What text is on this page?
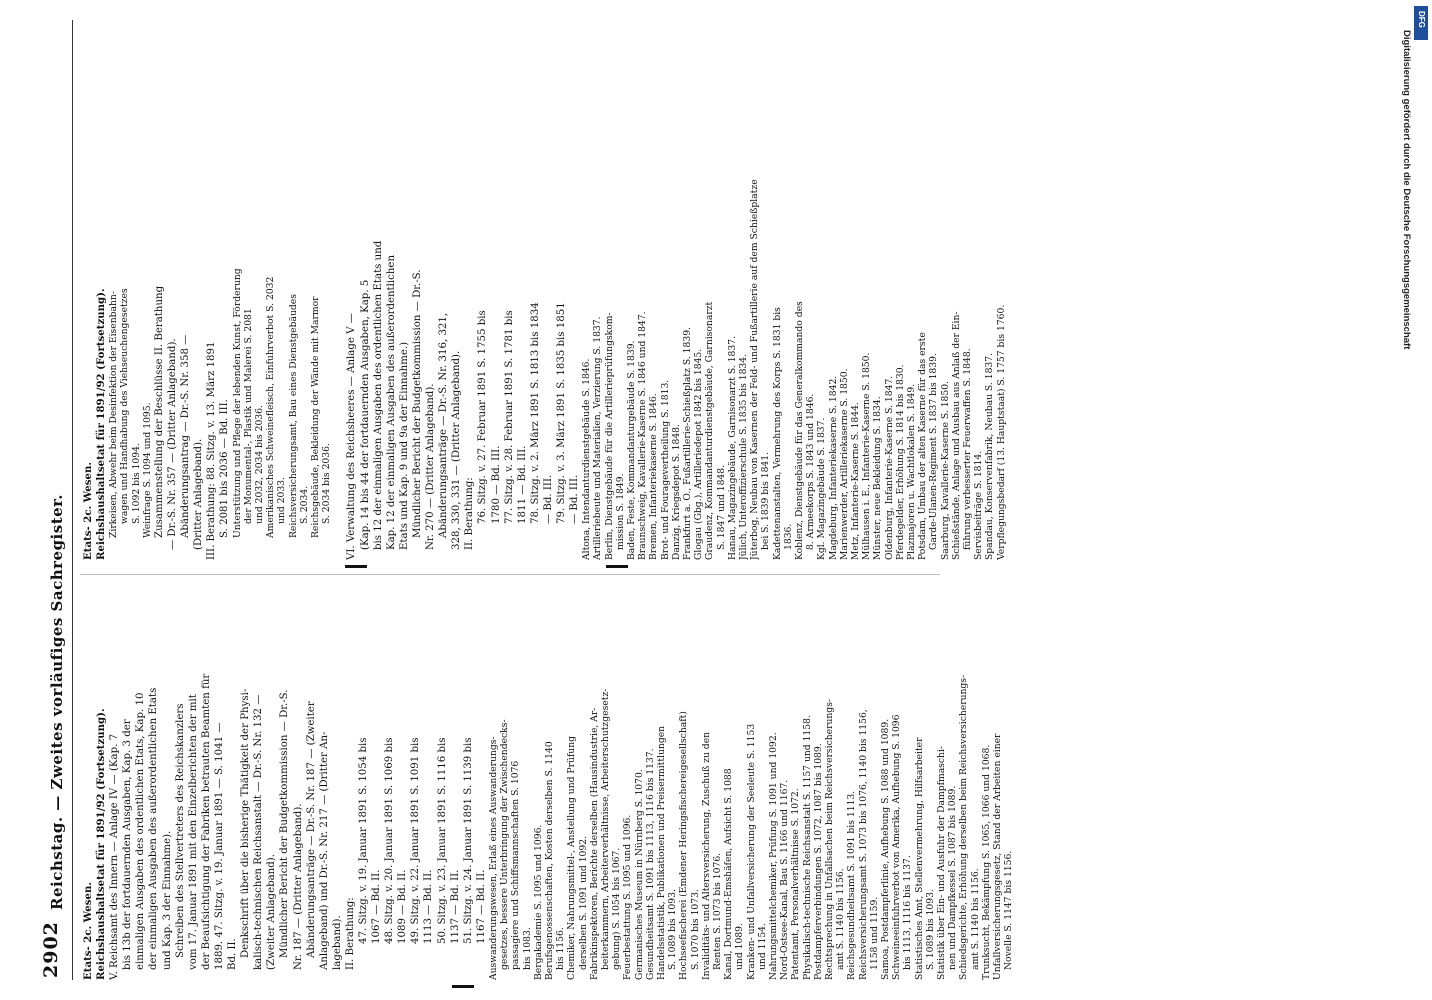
2902
Reichstag. — Zweites vorläufiges Sachregister.
Etats- 2c. Wesen. Reichshaushaltsetat für 1891/92 (Fortsetzung). V. Reichsamt des Innern — Anlage IV — (Kap. 7 bis 13b der fortdauernden Ausgaben, Kap. 3 der einmaligen Ausgaben des ordentlichen Etats, Kap. 10 der einmaligen Ausgaben des außerordentlichen Etats und Kap. 3 der Einnahme). Schreiben des Stellvertreters des Reichskanzlers vom 17. Januar 1891 mit den Einzelberichten der mit der Beaufsichtigung der Fabriken betrauten Beamten für 1889. 47. Sitzg. v. 19. Januar 1891 — S. 1041 — Bd. II. Denkschrift über die bisherige Thätigkeit der Physi- kalisch-technischen Reichsanstalt — Dr.-S. Nr. 132 — (Zweiter Anlageband). Mündlicher Bericht der Budgetkommission — Dr.-S. Nr. 187 — (Dritter Anlageband). Abänderungsanträge — Dr.-S. Nr. 187 — (Zweiter Anlageband) und Dr.-S. Nr. 217 — (Dritter An- lageband). II. Berathung: 47. Sitzg. v. 19. Januar 1891 S. 1054 bis 1067 — Bd. II. 48. Sitzg. v. 20. Januar 1891 S. 1069 bis 1089 — Bd. II. 49. Sitzg. v. 22. Januar 1891 S. 1091 bis 1113 — Bd. II. 50. Sitzg. v. 23. Januar 1891 S. 1116 bis 1137 — Bd. II. 51. Sitzg. v. 24. Januar 1891 S. 1139 bis 1167 — Bd. II. Auswanderungswesen, Erlaß eines Auswanderungs- gesetzes, bessere Unterbringung der Zwischendecks- passagiere und Schiffsmannschaften S. 1076 bis 1083. Bergakademie S. 1095 und 1096. Berufsgenossenschaften, Kosten derselben S. 1140 bis 1156. Chemiker, Nahrungsmittel-, Anstellung und Prüfung derselben S. 1091 und 1092. Fabrikinspektoren, Berichte derselben (Hausindustrie, Ar- beiterkammern, Arbeiterverhältnisse, Arbeiterschutzgesetz- gebung) S. 1054 bis 1067. Feuerbestattung S. 1095 und 1096. Germanisches Museum in Nürnberg S. 1070. Gesundheitsamt S. 1091 bis 1113, 1116 bis 1137. Handelsstatistik, Publikationen und Preisermittlungen S. 1089 bis 1093. Hochseefischerei (Emdener Heringsfischereigesellschaft) S. 1070 bis 1073. Invaliditäts- und Altersversicherung, Zuschuß zu den Renten S. 1073 bis 1076. Kanal, Dortmund-Emshäfen, Aufsicht S. 1088 und 1089. Kranken- und Unfallversicherung der Seeleute S. 1153 und 1154. Nahrungsmittelchemiker, Prüfung S. 1091 und 1092. Nord-Ostsee-Kanal, Bau S. 1166 und 1167. Patentamt, Personalverhältnisse S. 1072. Physikalisch-technische Reichsanstalt S. 1157 und 1158. Postdampferverbindungen S. 1072, 1087 bis 1089. Rechtsprechung in Unfallsachen beim Reichsversicherungs- amt S. 1140 bis 1156. Reichsgesundheitsamt S. 1091 bis 1113. Reichsversicherungsamt S. 1073 bis 1076, 1140 bis 1156, 1158 und 1159. Samoa, Postdampferlinie, Aufhebung S. 1088 und 1089. Schweineeinfuhrverbot von Amerika, Aufhebung S. 1096 bis 1113, 1116 bis 1137. Statistisches Amt, Stellenvermehrung, Hilfsarbeiter S. 1089 bis 1093. Statistik über Ein- und Ausfuhr der Dampfmaschi- nen und Dampfkessel S. 1087 bis 1089. Schiedsgerichte, Erhöhung derselben beim Reichsversicherungs- amt S. 1140 bis 1156. Trunksucht, Bekämpfung S. 1065, 1066 und 1068. Unfallversicherungsgesetz, Stand der Arbeiten einer Novelle S. 1147 bis 1156.
Etats- 2c. Wesen. Reichshaushaltsetat für 1891/92 (Fortsetzung). Zirkeisen, Abwehr beim Desinfektion der Eisenbahn- wagen und Handhabung des Viehseuchengesetzes S. 1092 bis 1094. Weinfrage S. 1094 und 1095. Zusammenstellung der Beschlüsse II. Berathung — Dr.-S. Nr. 357 — (Dritter Anlageband). Abänderungsantrag — Dr.-S. Nr. 358 — (Dritter Anlageband). III. Berathung: 88. Sitzg. v. 13. März 1891 S. 2081 bis 2036 — Bd. III. Unterstützung und Pflege der lebenden Kunst, Förderung der Monumental-, Plastik und Malerei S. 2081 und 2032, 2034 bis 2036. Amerikanisches Schweinefleisch, Einfuhrverbot S. 2032 und 2033. Reichsversicherungsamt, Bau eines Dienstgebäudes S. 2034. Reichsgebäude, Bekleidung der Wände mit Marmor S. 2034 bis 2036.
VI. Verwaltung des Reichsheeres — Anlage V — (Kap. 14 bis 44 der fortdauernden Ausgaben, Kap. 5 bis 12 der einmaligen Ausgaben des ordentlichen Etats und Kap. 12 der einmaligen Ausgaben des außerordentlichen Etats und Kap. 9 und 9a der Einnahme.) Mündlicher Bericht der Budgetkommission — Dr.-S. Nr. 270 — (Dritter Anlageband). Abänderungsanträge — Dr.-S. Nr. 316, 321, 328, 330, 331 — (Dritter Anlageband). II. Berathung: 76. Sitzg. v. 27. Februar 1891 S. 1755 bis 1780 — Bd. III. 77. Sitzg. v. 28. Februar 1891 S. 1781 bis 1811 — Bd. III. 78. Sitzg. v. 2. März 1891 S. 1813 bis 1834 — Bd. III. 79. Sitzg. v. 3. März 1891 S. 1835 bis 1851 — Bd. III. Altona, Intendanturdienstgebäude S. 1846. Artilleriebeute und Materialien, Verzierung S. 1837. Berlin, Dienstgebäude für die Artillerieprüfungskom- mission S. 1849. Baden, Feste, Kommandanturgebäude S. 1839. Braunschweig, Kavallerie-Kaserne S. 1846 und 1847. Bremen, Infanteriekaserne S. 1846. Brot- und Fouragevertheilung S. 1813. Danzig, Kriegsdepot S. 1848. Frankfurt a. O., Fußartillerie-Schießplatz S. 1839. Glogau (Gbg.), Artilleriedepot 1842 bis 1845. Graudenz, Kommandanturdienstgebäude, Garnisonarzt S. 1847 und 1848. Hanau, Magazingebäude, Garnisonarzt S. 1837. Jülich, Unteroffizierschule S. 1835 bis 1834. Jüterbog, Neubau von Kasernen der Feld- und Fußartillerie auf dem Schießplatze bei S. 1839 bis 1841. Kadettenanstalten, Vermehrung des Korps S. 1831 bis 1836. Koblenz, Dienstgebäude für das Generalkommando des 8. Armeekorps S. 1843 und 1846. Kgl. Magazingebäude S. 1837. Magdeburg, Infanteriekaserne S. 1842. Marienwerder, Artilleriekaserne S. 1850. Metz, Infanterie-Kaserne S. 1844. Mülhausen i. E., Infanterie-Kaserne S. 1850. Münster, neue Bekleidung S. 1834. Oldenburg, Infanterie-Kaserne S. 1847. Pferdegelder, Erhöhung S. 1814 bis 1830. Plazmajoren u. Wachtlokalen S. 1849. Potsdam, Umbau der alten Kaserne für das erste Garde-Ulanen-Regiment S. 1837 bis 1839. Saarburg, Kavallerie-Kaserne S. 1850. Schießstände, Anlage und Ausbau aus Anlaß der Ein- führung verbesserter Feuerwaffen S. 1848. Servisbeiträge S. 1814. Spandau, Konservenfabrik, Neubau S. 1837. Verpflegungsbedarf (13. Hauptstaat) S. 1757 bis 1760.
DFG
Digitalisierung gefördert durch die Deutsche Forschungsgemeinschaft
